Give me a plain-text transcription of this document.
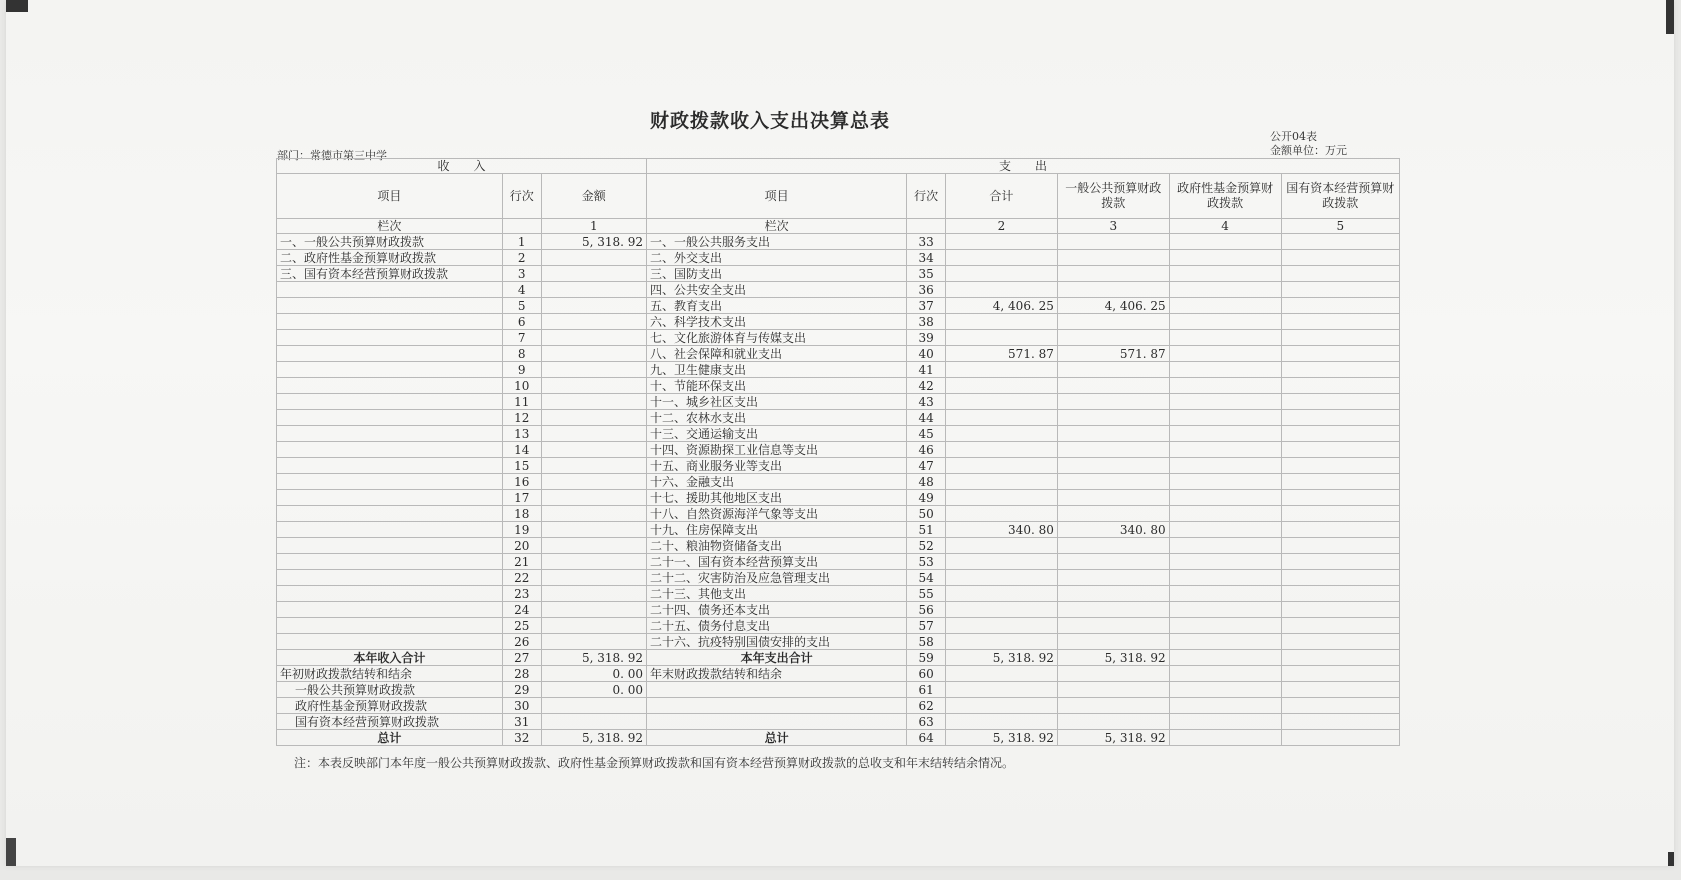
财政拨款收入支出决算总表
公开04表
金额单位：万元
部门：常德市第三中学
收　　入			支　　出					
项目	行次	金额	项目	行次	合计	一般公共预算财政拨款	政府性基金预算财政拨款	国有资本经营预算财政拨款
栏次		1	栏次		2	3	4	5
一、一般公共预算财政拨款	1	5, 318. 92	一、一般公共服务支出	33				
二、政府性基金预算财政拨款	2		二、外交支出	34				
三、国有资本经营预算财政拨款	3		三、国防支出	35				
	4		四、公共安全支出	36				
	5		五、教育支出	37	4, 406. 25	4, 406. 25		
	6		六、科学技术支出	38				
	7		七、文化旅游体育与传媒支出	39				
	8		八、社会保障和就业支出	40	571. 87	571. 87		
	9		九、卫生健康支出	41				
	10		十、节能环保支出	42				
	11		十一、城乡社区支出	43				
	12		十二、农林水支出	44				
	13		十三、交通运输支出	45				
	14		十四、资源勘探工业信息等支出	46				
	15		十五、商业服务业等支出	47				
	16		十六、金融支出	48				
	17		十七、援助其他地区支出	49				
	18		十八、自然资源海洋气象等支出	50				
	19		十九、住房保障支出	51	340. 80	340. 80		
	20		二十、粮油物资储备支出	52				
	21		二十一、国有资本经营预算支出	53				
	22		二十二、灾害防治及应急管理支出	54				
	23		二十三、其他支出	55				
	24		二十四、债务还本支出	56				
	25		二十五、债务付息支出	57				
	26		二十六、抗疫特别国债安排的支出	58				
本年收入合计	27	5, 318. 92	本年支出合计	59	5, 318. 92	5, 318. 92		
年初财政拨款结转和结余	28	0. 00	年末财政拨款结转和结余	60				
一般公共预算财政拨款	29	0. 00		61				
政府性基金预算财政拨款	30			62				
国有资本经营预算财政拨款	31			63				
总计	32	5, 318. 92	总计	64	5, 318. 92	5, 318. 92		
注：本表反映部门本年度一般公共预算财政拨款、政府性基金预算财政拨款和国有资本经营预算财政拨款的总收支和年末结转结余情况。
